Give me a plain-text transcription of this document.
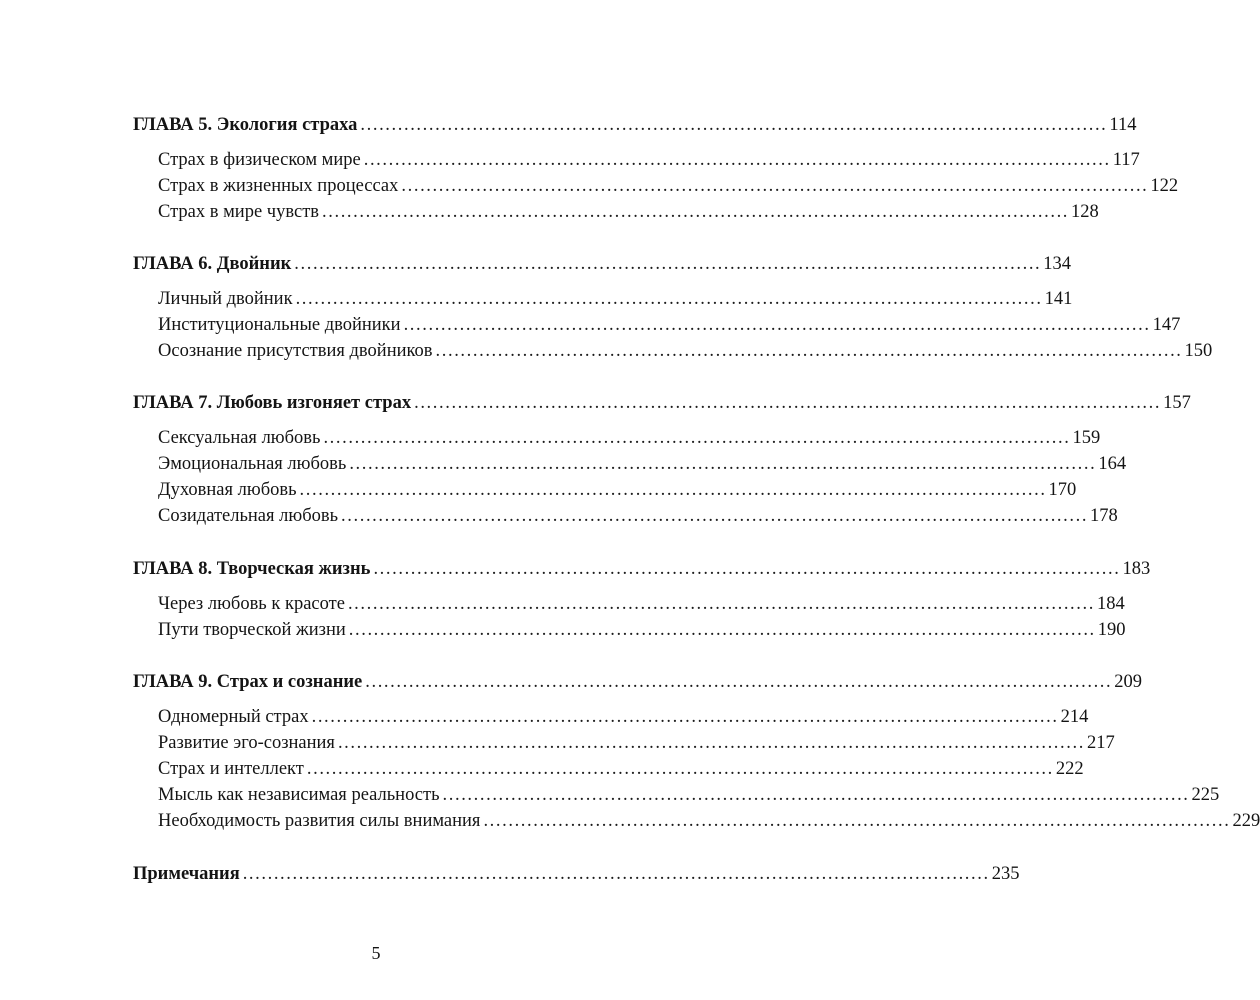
ГЛАВА 5. Экология страха ........................................................................................................................ 114
Страх в физическом мире ........................................................................................................................ 117
Страх в жизненных процессах ........................................................................................................................ 122
Страх в мире чувств ........................................................................................................................ 128
ГЛАВА 6. Двойник ........................................................................................................................ 134
Личный двойник ........................................................................................................................ 141
Институциональные двойники ........................................................................................................................ 147
Осознание присутствия двойников ........................................................................................................................ 150
ГЛАВА 7. Любовь изгоняет страх ........................................................................................................................ 157
Сексуальная любовь ........................................................................................................................ 159
Эмоциональная любовь ........................................................................................................................ 164
Духовная любовь ........................................................................................................................ 170
Созидательная любовь ........................................................................................................................ 178
ГЛАВА 8. Творческая жизнь ........................................................................................................................ 183
Через любовь к красоте ........................................................................................................................ 184
Пути творческой жизни ........................................................................................................................ 190
ГЛАВА 9. Страх и сознание ........................................................................................................................ 209
Одномерный страх ........................................................................................................................ 214
Развитие эго-сознания ........................................................................................................................ 217
Страх и интеллект ........................................................................................................................ 222
Мысль как независимая реальность ........................................................................................................................ 225
Необходимость развития силы внимания ........................................................................................................................ 229
Примечания ........................................................................................................................ 235
5
